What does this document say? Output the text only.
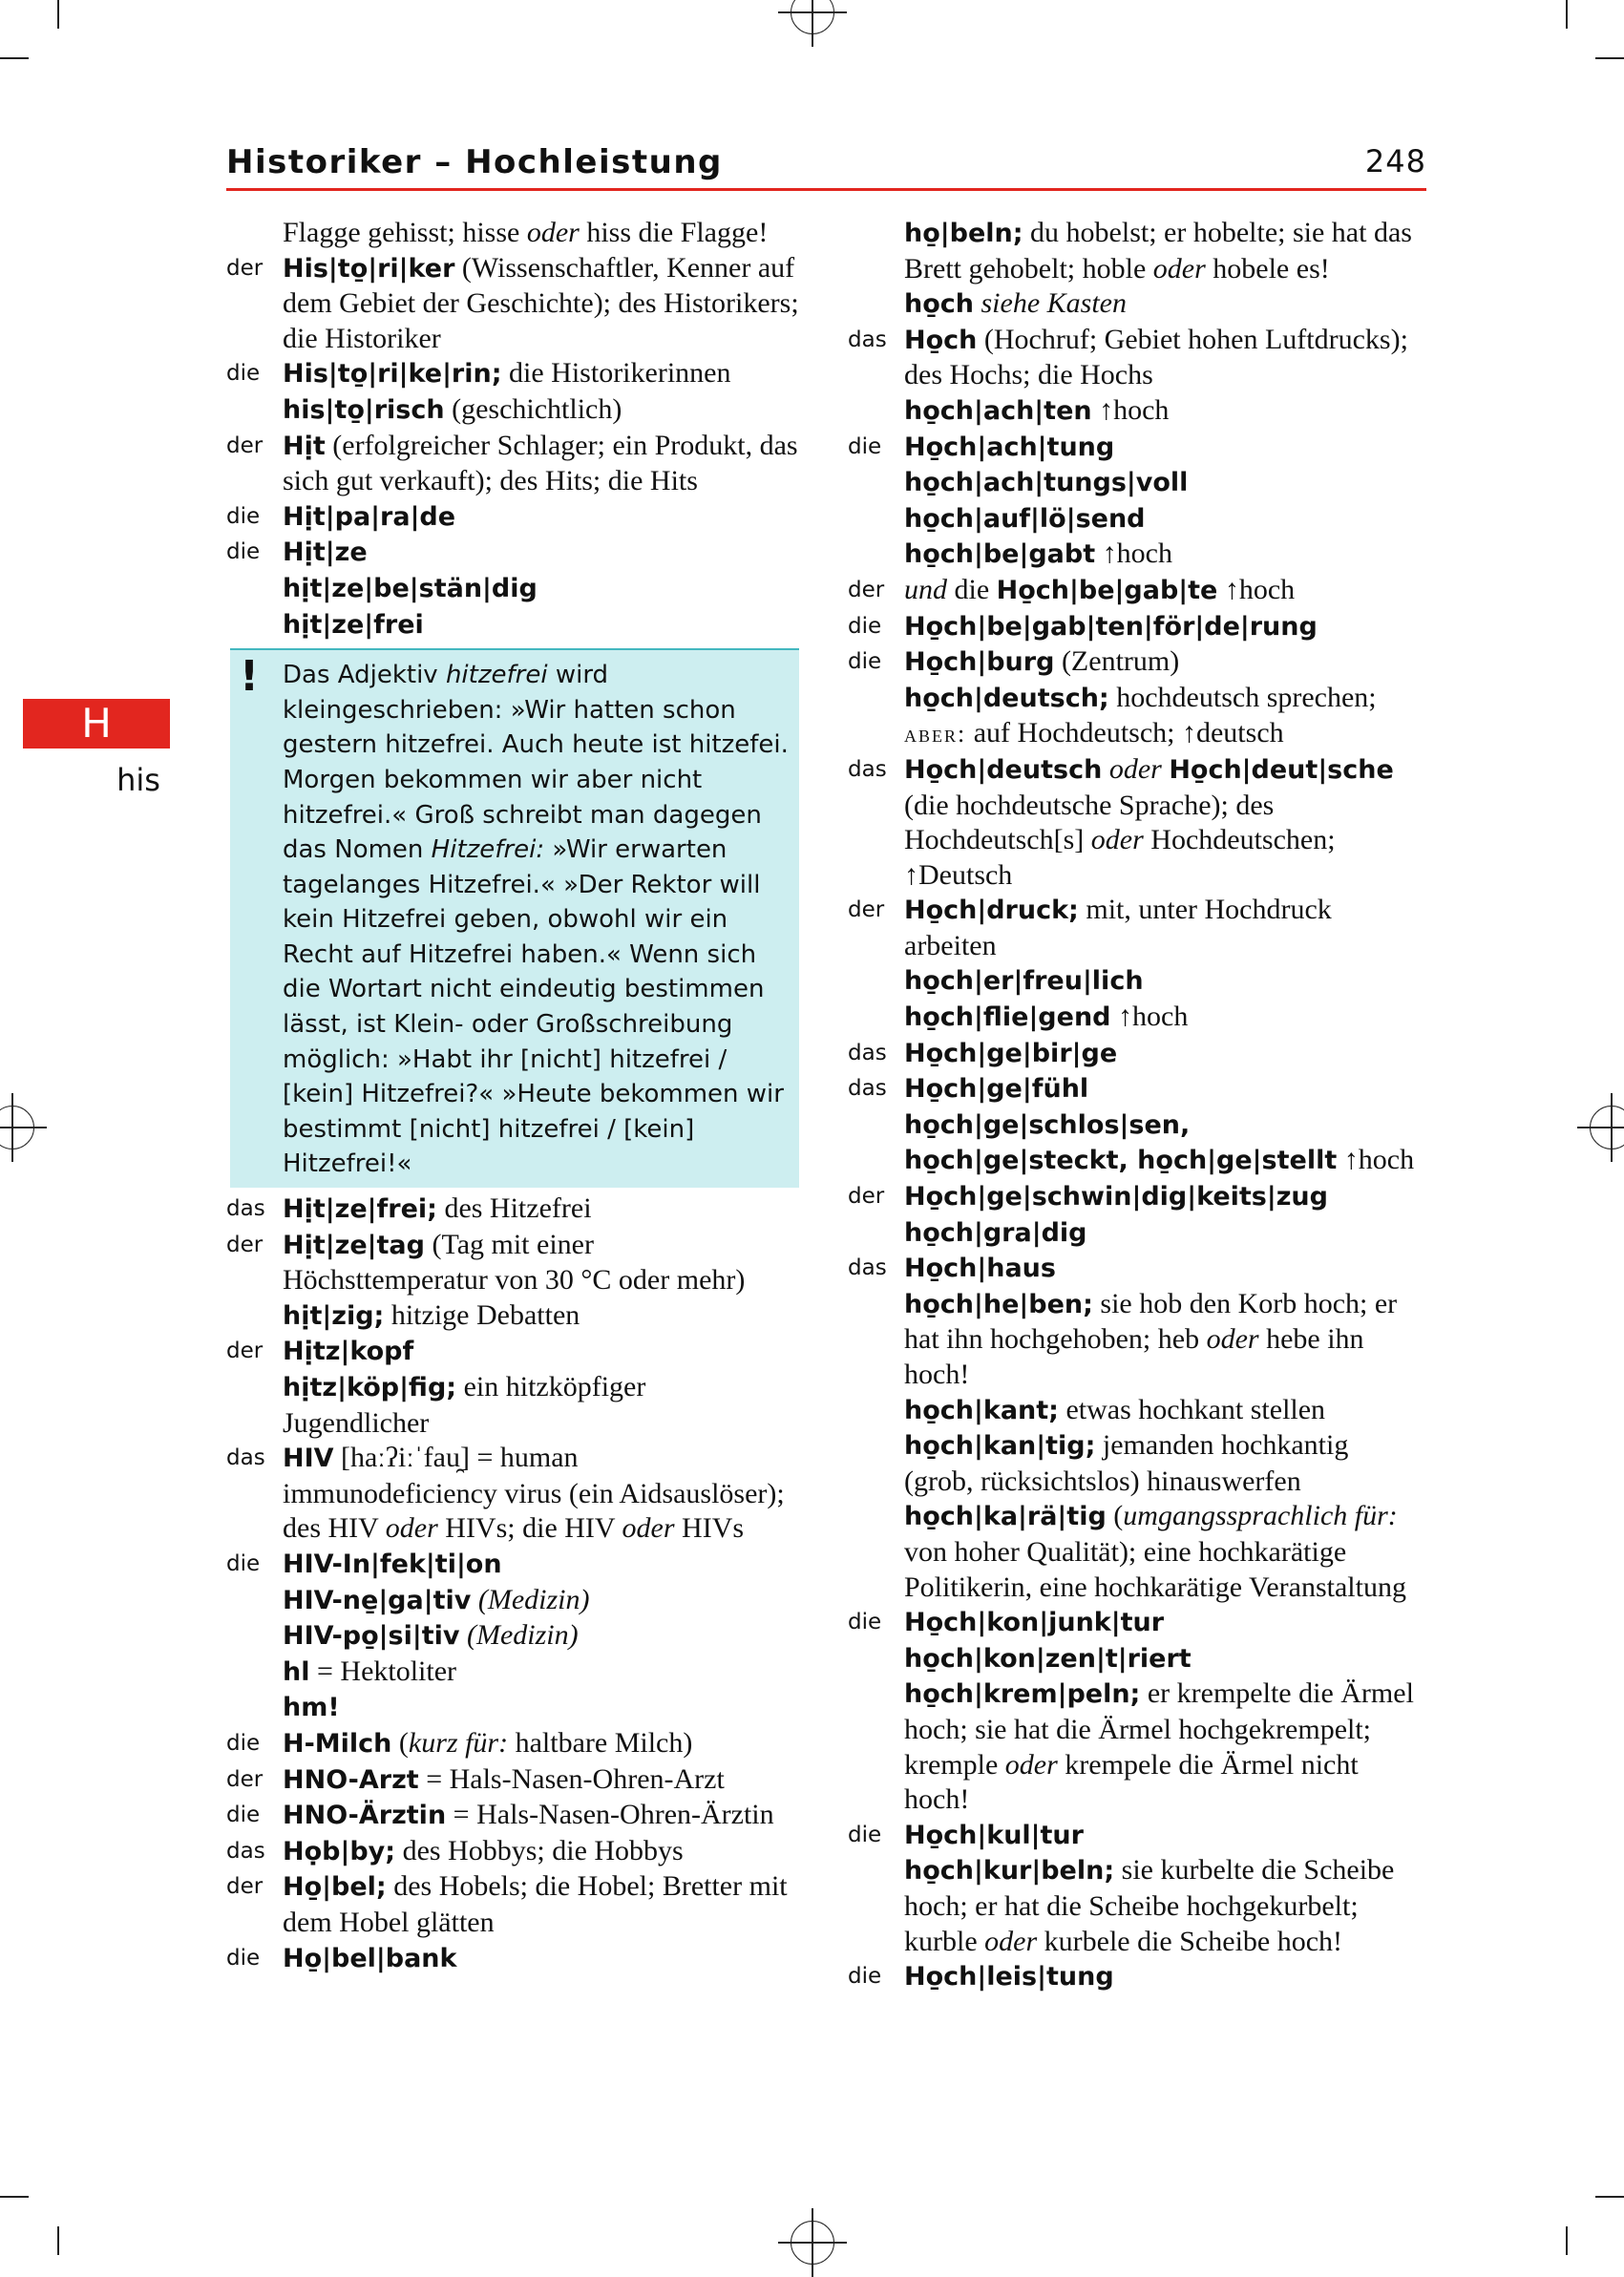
Historiker – Hochleistung	248
H
his
Flagge gehisst; hisse oder hiss die Flagge!
der His|to̱|ri|ker (Wissenschaftler, Kenner auf dem Gebiet der Geschichte); des Historikers; die Historiker
die His|to̱|ri|ke|rin; die Historikerinnen
his|to̱|risch (geschichtlich)
der Hịt (erfolgreicher Schlager; ein Produkt, das sich gut verkauft); des Hits; die Hits
die Hịt|pa|ra|de
die Hịt|ze
hịt|ze|be|stän|dig
hịt|ze|frei
! Das Adjektiv hitzefrei wird kleingeschrieben: »Wir hatten schon gestern hitzefrei. Auch heute ist hitzefei. Morgen bekommen wir aber nicht hitzefrei.« Groß schreibt man dagegen das Nomen Hitzefrei: »Wir erwarten tagelanges Hitzefrei.« »Der Rektor will kein Hitzefrei geben, obwohl wir ein Recht auf Hitzefrei haben.« Wenn sich die Wortart nicht eindeutig bestimmen lässt, ist Klein- oder Großschreibung möglich: »Habt ihr [nicht] hitzefrei / [kein] Hitzefrei?« »Heute bekommen wir bestimmt [nicht] hitzefrei / [kein] Hitzefrei!«
das Hịt|ze|frei; des Hitzefrei
der Hịt|ze|tag (Tag mit einer Höchsttemperatur von 30 °C oder mehr)
hịt|zig; hitzige Debatten
der Hịtz|kopf
hịtz|köp|fig; ein hitzköpfiger Jugendlicher
das HIV [haːʔiːˈfau̯] = human immunodeficiency virus (ein Aidsauslöser); des HIV oder HIVs; die HIV oder HIVs
die HIV-In|fek|ti|on
HIV-ne̱|ga|tiv (Medizin)
HIV-po̱|si|tiv (Medizin)
hl = Hektoliter
hm!
die H-Milch (kurz für: haltbare Milch)
der HNO-Arzt = Hals-Nasen-Ohren-Arzt
die HNO-Ärztin = Hals-Nasen-Ohren-Ärztin
das Họb|by; des Hobbys; die Hobbys
der Ho̱|bel; des Hobels; die Hobel; Bretter mit dem Hobel glätten
die Ho̱|bel|bank
ho̱|beln; du hobelst; er hobelte; sie hat das Brett gehobelt; hoble oder hobele es!
ho̱ch siehe Kasten
das Ho̱ch (Hochruf; Gebiet hohen Luftdrucks); des Hochs; die Hochs
ho̱ch|ach|ten ↑hoch
die Ho̱ch|ach|tung
ho̱ch|ach|tungs|voll
ho̱ch|auf|lö|send
ho̱ch|be|gabt ↑hoch
der und die Ho̱ch|be|gab|te ↑hoch
die Ho̱ch|be|gab|ten|för|de|rung
die Ho̱ch|burg (Zentrum)
ho̱ch|deutsch; hochdeutsch sprechen; aber: auf Hochdeutsch; ↑deutsch
das Ho̱ch|deutsch oder Ho̱ch|deut|sche (die hochdeutsche Sprache); des Hochdeutsch[s] oder Hochdeutschen; ↑Deutsch
der Ho̱ch|druck; mit, unter Hochdruck arbeiten
ho̱ch|er|freu|lich
ho̱ch|flie|gend ↑hoch
das Ho̱ch|ge|bir|ge
das Ho̱ch|ge|fühl
ho̱ch|ge|schlos|sen, ho̱ch|ge|steckt, ho̱ch|ge|stellt ↑hoch
der Ho̱ch|ge|schwin|dig|keits|zug
ho̱ch|gra|dig
das Ho̱ch|haus
ho̱ch|he|ben; sie hob den Korb hoch; er hat ihn hochgehoben; heb oder hebe ihn hoch!
ho̱ch|kant; etwas hochkant stellen
ho̱ch|kan|tig; jemanden hochkantig (grob, rücksichtslos) hinauswerfen
ho̱ch|ka|rä|tig (umgangssprachlich für: von hoher Qualität); eine hochkarätige Politikerin, eine hochkarätige Veranstaltung
die Ho̱ch|kon|junk|tur
ho̱ch|kon|zen|t|riert
ho̱ch|krem|peln; er krempelte die Ärmel hoch; sie hat die Ärmel hochgekrempelt; kremple oder krempele die Ärmel nicht hoch!
die Ho̱ch|kul|tur
ho̱ch|kur|beln; sie kurbelte die Scheibe hoch; er hat die Scheibe hochgekurbelt; kurble oder kurbele die Scheibe hoch!
die Ho̱ch|leis|tung
